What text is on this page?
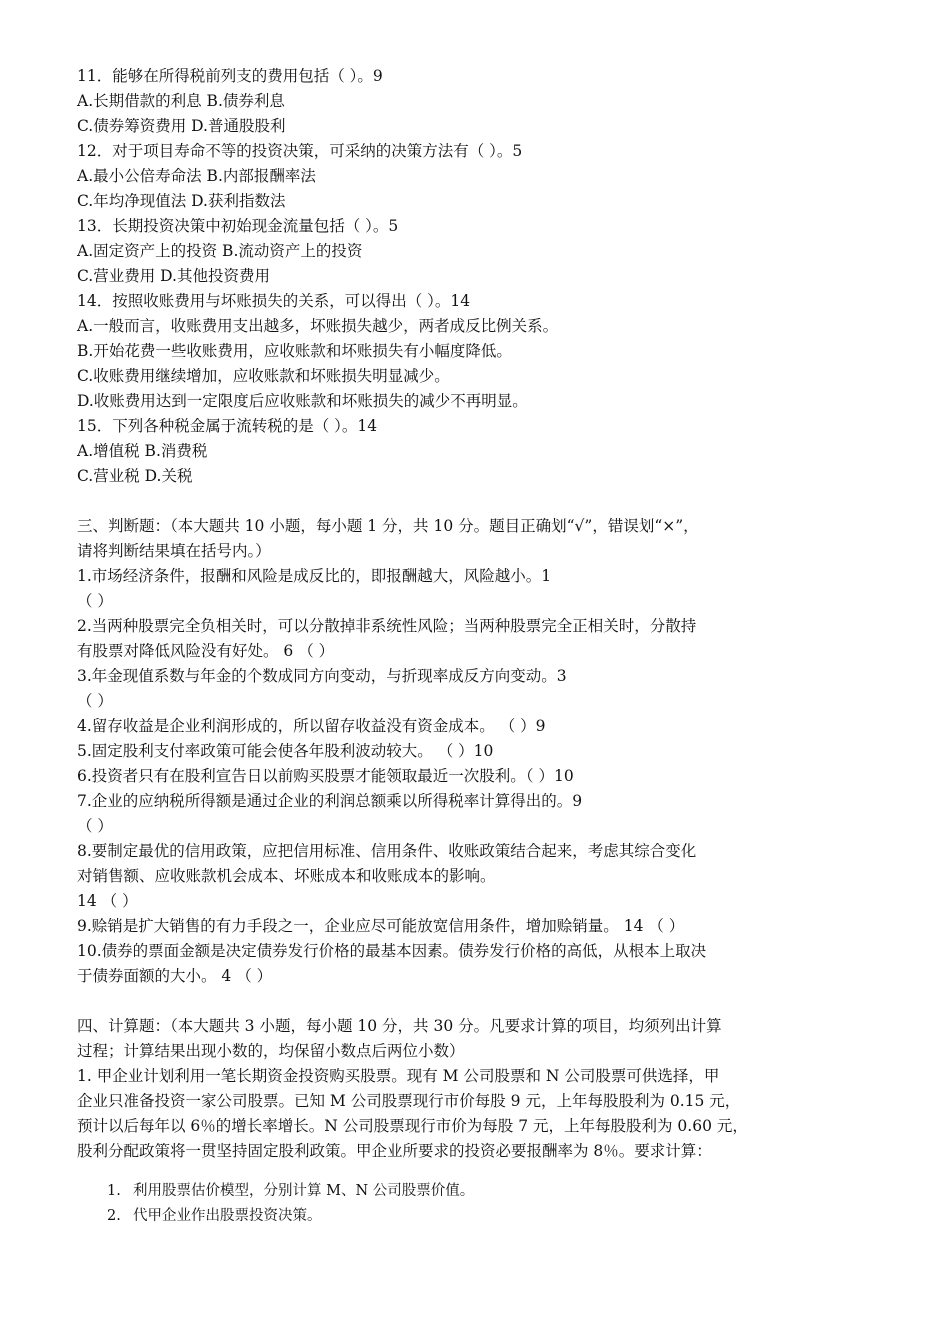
11．能够在所得税前列支的费用包括（ ）。9
A.长期借款的利息 B.债券利息
C.债券筹资费用 D.普通股股利
12．对于项目寿命不等的投资决策，可采纳的决策方法有（ ）。5
A.最小公倍寿命法 B.内部报酬率法
C.年均净现值法 D.获利指数法
13．长期投资决策中初始现金流量包括（ ）。5
A.固定资产上的投资 B.流动资产上的投资
C.营业费用 D.其他投资费用
14．按照收账费用与坏账损失的关系，可以得出（ ）。14
A.一般而言，收账费用支出越多，坏账损失越少，两者成反比例关系。
B.开始花费一些收账费用，应收账款和坏账损失有小幅度降低。
C.收账费用继续增加，应收账款和坏账损失明显减少。
D.收账费用达到一定限度后应收账款和坏账损失的减少不再明显。
15．下列各种税金属于流转税的是（ ）。14
A.增值税 B.消费税
C.营业税 D.关税
三、判断题：（本大题共 10 小题，每小题 1 分，共 10 分。题目正确划“√”，错误划“×”，
请将判断结果填在括号内。）
1.市场经济条件，报酬和风险是成反比的，即报酬越大，风险越小。1
（ ）
2.当两种股票完全负相关时，可以分散掉非系统性风险；当两种股票完全正相关时，分散持
有股票对降低风险没有好处。 6 （ ）
3.年金现值系数与年金的个数成同方向变动，与折现率成反方向变动。3
（ ）
4.留存收益是企业利润形成的，所以留存收益没有资金成本。 （ ）9
5.固定股利支付率政策可能会使各年股利波动较大。 （ ）10
6.投资者只有在股利宣告日以前购买股票才能领取最近一次股利。（ ）10
7.企业的应纳税所得额是通过企业的利润总额乘以所得税率计算得出的。9
（ ）
8.要制定最优的信用政策，应把信用标准、信用条件、收账政策结合起来，考虑其综合变化
对销售额、应收账款机会成本、坏账成本和收账成本的影响。
14 （ ）
9.赊销是扩大销售的有力手段之一，企业应尽可能放宽信用条件，增加赊销量。 14 （ ）
10.债券的票面金额是决定债券发行价格的最基本因素。债券发行价格的高低，从根本上取决
于债券面额的大小。 4 （ ）
四、计算题：（本大题共 3 小题，每小题 10 分，共 30 分。凡要求计算的项目，均须列出计算
过程；计算结果出现小数的，均保留小数点后两位小数）
1. 甲企业计划利用一笔长期资金投资购买股票。现有 M 公司股票和 N 公司股票可供选择，甲
企业只准备投资一家公司股票。已知 M 公司股票现行市价每股 9 元，上年每股股利为 0.15 元，
预计以后每年以 6％的增长率增长。N 公司股票现行市价为每股 7 元，上年每股股利为 0.60 元，
股利分配政策将一贯坚持固定股利政策。甲企业所要求的投资必要报酬率为 8％。要求计算：
1. 利用股票估价模型，分别计算 M、N 公司股票价值。
2. 代甲企业作出股票投资决策。
